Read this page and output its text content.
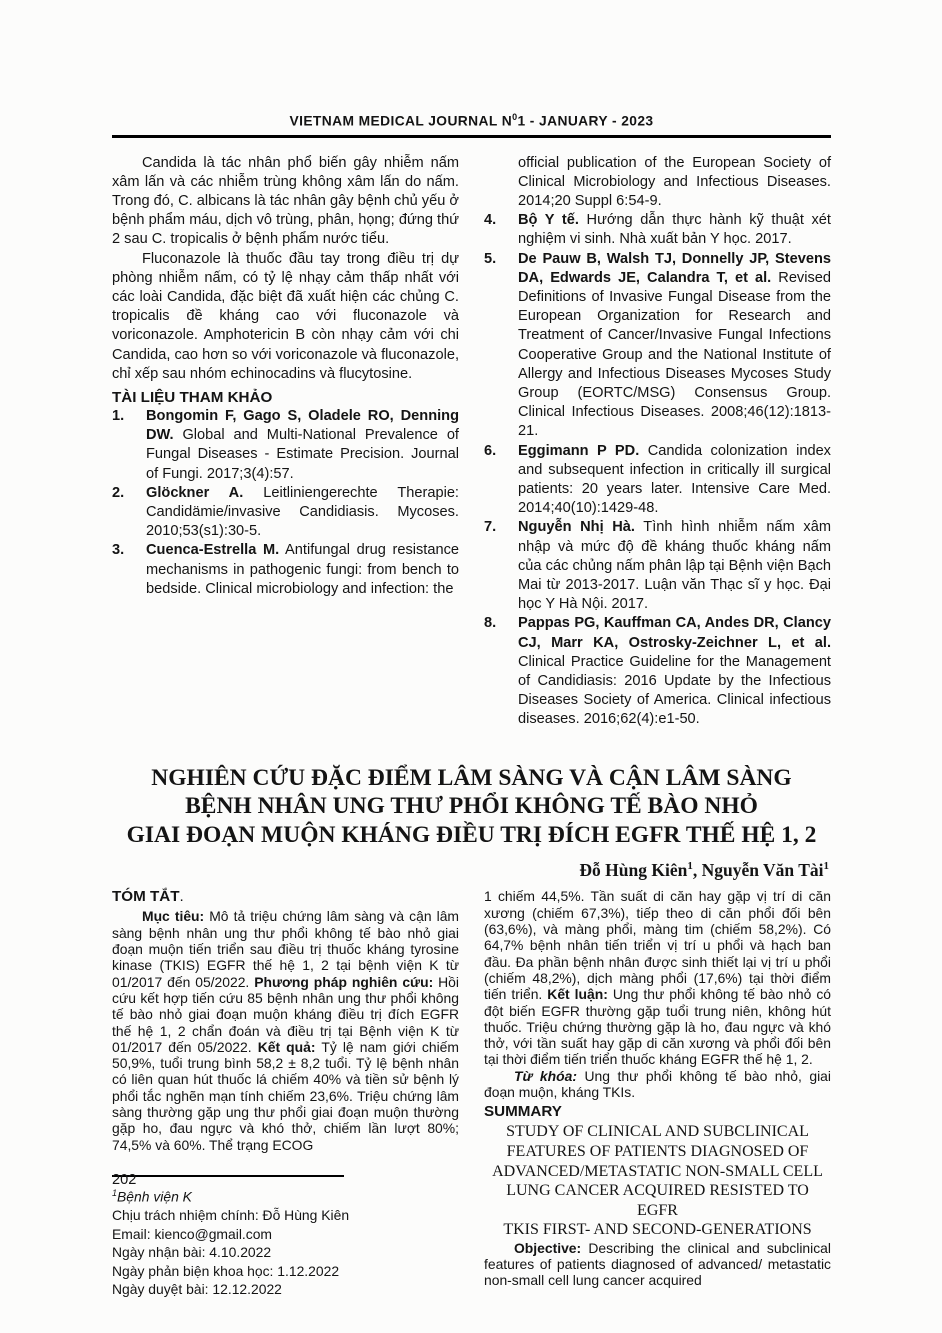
VIETNAM MEDICAL JOURNAL $N^01$ - JANUARY - 2023

Candida là tác nhân phổ biến gây nhiễm nấm xâm lấn và các nhiễm trùng không xâm lấn do nấm. Trong đó, C. albicans là tác nhân gây bệnh chủ yếu ở bệnh phẩm máu, dịch vô trùng, phân, họng; đứng thứ 2 sau C. tropicalis ở bệnh phẩm nước tiểu.

Fluconazole là thuốc đầu tay trong điều trị dự phòng nhiễm nấm, có tỷ lệ nhạy cảm thấp nhất với các loài Candida, đặc biệt đã xuất hiện các chủng C. tropicalis đề kháng cao với fluconazole và voriconazole. Amphotericin B còn nhạy cảm với chi Candida, cao hơn so với voriconazole và fluconazole, chỉ xếp sau nhóm echinocadins và flucytosine.

TÀI LIỆU THAM KHẢO
1.	Bongomin F, Gago S, Oladele RO, Denning DW. Global and Multi-National Prevalence of Fungal Diseases - Estimate Precision. Journal of Fungi. 2017;3(4):57.
2.	Glöckner A. Leitliniengerechte Therapie: Candidämie/invasive Candidiasis. Mycoses. 2010;53(s1):30-5.
3.	Cuenca-Estrella M. Antifungal drug resistance mechanisms in pathogenic fungi: from bench to bedside. Clinical microbiology and infection: the
official publication of the European Society of Clinical Microbiology and Infectious Diseases. 2014;20 Suppl 6:54-9.
4.	Bộ Y tế. Hướng dẫn thực hành kỹ thuật xét nghiệm vi sinh. Nhà xuất bản Y học. 2017.
5.	De Pauw B, Walsh TJ, Donnelly JP, Stevens DA, Edwards JE, Calandra T, et al. Revised Definitions of Invasive Fungal Disease from the European Organization for Research and Treatment of Cancer/Invasive Fungal Infections Cooperative Group and the National Institute of Allergy and Infectious Diseases Mycoses Study Group (EORTC/MSG) Consensus Group. Clinical Infectious Diseases. 2008;46(12):1813-21.
6.	Eggimann P PD. Candida colonization index and subsequent infection in critically ill surgical patients: 20 years later. Intensive Care Med. 2014;40(10):1429-48.
7.	Nguyễn Nhị Hà. Tình hình nhiễm nấm xâm nhập và mức độ đề kháng thuốc kháng nấm của các chủng nấm phân lập tại Bệnh viện Bạch Mai từ 2013-2017. Luận văn Thạc sĩ y học. Đại học Y Hà Nội. 2017.
8.	Pappas PG, Kauffman CA, Andes DR, Clancy CJ, Marr KA, Ostrosky-Zeichner L, et al. Clinical Practice Guideline for the Management of Candidiasis: 2016 Update by the Infectious Diseases Society of America. Clinical infectious diseases. 2016;62(4):e1-50.
NGHIÊN CỨU ĐẶC ĐIỂM LÂM SÀNG VÀ CẬN LÂM SÀNG
BỆNH NHÂN UNG THƯ PHỔI KHÔNG TẾ BÀO NHỎ
GIAI ĐOẠN MUỘN KHÁNG ĐIỀU TRỊ ĐÍCH EGFR THẾ HỆ 1, 2
Đỗ Hùng Kiên$^1$, Nguyễn Văn Tài$^1$
TÓM TẮT.

Mục tiêu: Mô tả triệu chứng lâm sàng và cận lâm sàng bệnh nhân ung thư phổi không tế bào nhỏ giai đoạn muộn tiến triển sau điều trị thuốc kháng tyrosine kinase (TKIS) EGFR thế hệ 1, 2 tại bệnh viện K từ 01/2017 đến 05/2022. Phương pháp nghiên cứu: Hồi cứu kết hợp tiến cứu 85 bệnh nhân ung thư phổi không tế bào nhỏ giai đoạn muộn kháng điều trị đích EGFR thế hệ 1, 2 chẩn đoán và điều trị tại Bệnh viện K từ 01/2017 đến 05/2022. Kết quả: Tỷ lệ nam giới chiếm 50,9%, tuổi trung bình 58,2 ± 8,2 tuổi. Tỷ lệ bệnh nhân có liên quan hút thuốc lá chiếm 40% và tiền sử bệnh lý phổi tắc nghẽn mạn tính chiếm 23,6%. Triệu chứng lâm sàng thường gặp ung thư phổi giai đoạn muộn thường gặp ho, đau ngực và khó thở, chiếm lần lượt 80%; 74,5% và 60%. Thể trạng ECOG

$^1$Bệnh viện K
Chịu trách nhiệm chính: Đỗ Hùng Kiên
Email: kienco@gmail.com
Ngày nhận bài: 4.10.2022
Ngày phản biện khoa học: 1.12.2022
Ngày duyệt bài: 12.12.2022

1 chiếm 44,5%. Tần suất di căn hay gặp vị trí di căn xương (chiếm 67,3%), tiếp theo di căn phổi đối bên (63,6%), và màng phổi, màng tim (chiếm 58,2%). Có 64,7% bệnh nhân tiến triển vị trí u phổi và hạch ban đầu. Đa phần bệnh nhân được sinh thiết lại vị trí u phổi (chiếm 48,2%), dịch màng phổi (17,6%) tại thời điểm tiến triển. Kết luận: Ung thư phổi không tế bào nhỏ có đột biến EGFR thường gặp tuổi trung niên, không hút thuốc. Triệu chứng thường gặp là ho, đau ngực và khó thở, với tần suất hay gặp di căn xương và phổi đối bên tại thời điểm tiến triển thuốc kháng EGFR thế hệ 1, 2.

Từ khóa: Ung thư phổi không tế bào nhỏ, giai đoạn muộn, kháng TKIs.

SUMMARY
STUDY OF CLINICAL AND SUBCLINICAL
FEATURES OF PATIENTS DIAGNOSED OF
ADVANCED/METASTATIC NON-SMALL CELL
LUNG CANCER ACQUIRED RESISTED TO EGFR
TKIS FIRST- AND SECOND-GENERATIONS

Objective: Describing the clinical and subclinical features of patients diagnosed of advanced/ metastatic non-small cell lung cancer acquired

202
